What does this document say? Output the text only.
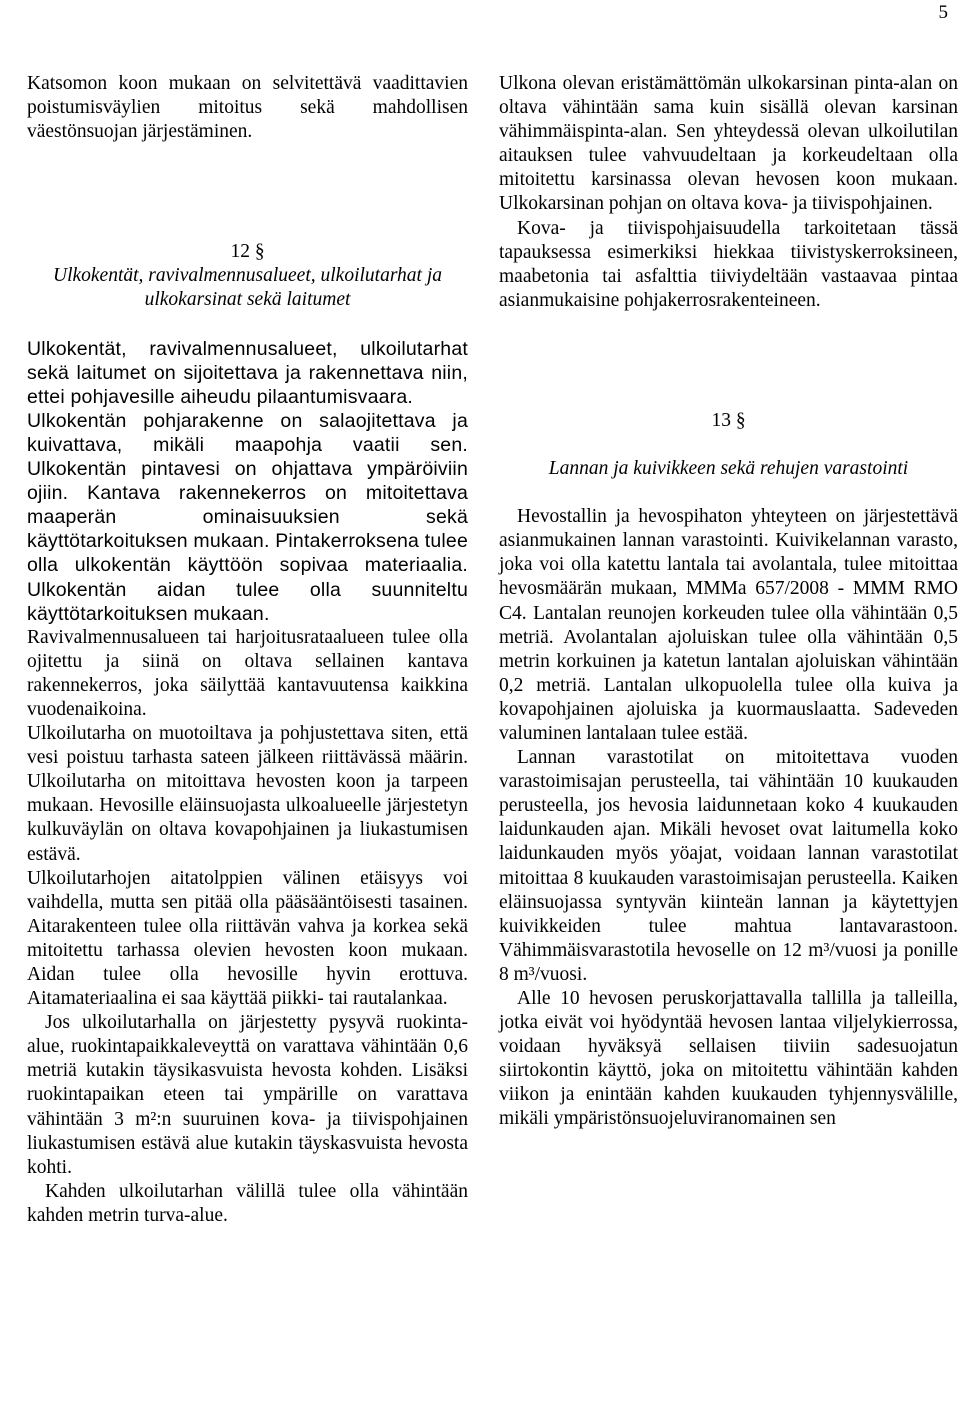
5

Katsomon koon mukaan on selvitettävä vaadittavien poistumisväylien mitoitus sekä mahdollisen väestönsuojan järjestäminen.

12 §

Ulkokentät, ravivalmennusalueet, ulkoilutarhat ja ulkokarsinat sekä laitumet

Ulkokentät, ravivalmennusalueet, ulkoilutarhat sekä laitumet on sijoitettava ja rakennettava niin, ettei pohjavesille aiheudu pilaantumisvaara.

Ulkokentän pohjarakenne on salaojitettava ja kuivattava, mikäli maapohja vaatii sen. Ulkokentän pintavesi on ohjattava ympäröiviin ojiin. Kantava rakennekerros on mitoitettava maaperän ominaisuuksien sekä käyttötarkoituksen mukaan. Pintakerroksena tulee olla ulkokentän käyttöön sopivaa materiaalia. Ulkokentän aidan tulee olla suunniteltu käyttötarkoituksen mukaan.

Ravivalmennusalueen tai harjoitusrataalueen tulee olla ojitettu ja siinä on oltava sellainen kantava rakennekerros, joka säilyttää kantavuutensa kaikkina vuodenaikoina.

Ulkoilutarha on muotoiltava ja pohjustettava siten, että vesi poistuu tarhasta sateen jälkeen riittävässä määrin. Ulkoilutarha on mitoittava hevosten koon ja tarpeen mukaan. Hevosille eläinsuojasta ulkoalueelle järjestetyn kulkuväylän on oltava kovapohjainen ja liukastumisen estävä.

Ulkoilutarhojen aitatolppien välinen etäisyys voi vaihdella, mutta sen pitää olla pääsääntöisesti tasainen. Aitarakenteen tulee olla riittävän vahva ja korkea sekä mitoitettu tarhassa olevien hevosten koon mukaan. Aidan tulee olla hevosille hyvin erottuva. Aitamateriaalina ei saa käyttää piikki- tai rautalankaa.

Jos ulkoilutarhalla on järjestetty pysyvä ruokinta-alue, ruokintapaikkaleveyttä on varattava vähintään 0,6 metriä kutakin täysikasvuista hevosta kohden. Lisäksi ruokintapaikan eteen tai ympärille on varattava vähintään 3 m²:n suuruinen kova- ja tiivispohjainen liukastumisen estävä alue kutakin täyskasvuista hevosta kohti.

Kahden ulkoilutarhan välillä tulee olla vähintään kahden metrin turva-alue.

Ulkona olevan eristämättömän ulkokarsinan pinta-alan on oltava vähintään sama kuin sisällä olevan karsinan vähimmäispinta-alan. Sen yhteydessä olevan ulkoilutilan aitauksen tulee vahvuudeltaan ja korkeudeltaan olla mitoitettu karsinassa olevan hevosen koon mukaan. Ulkokarsinan pohjan on oltava kova- ja tiivispohjainen.

Kova- ja tiivispohjaisuudella tarkoitetaan tässä tapauksessa esimerkiksi hiekkaa tiivistyskerroksineen, maabetonia tai asfalttia tiiviydeltään vastaavaa pintaa asianmukaisine pohjakerrosrakenteineen.

13 §

Lannan ja kuivikkeen sekä rehujen varastointi

Hevostallin ja hevospihaton yhteyteen on järjestettävä asianmukainen lannan varastointi. Kuivikelannan varasto, joka voi olla katettu lantala tai avolantala, tulee mitoittaa hevosmäärän mukaan, MMMa 657/2008 - MMM RMO C4. Lantalan reunojen korkeuden tulee olla vähintään 0,5 metriä. Avolantalan ajoluiskan tulee olla vähintään 0,5 metrin korkuinen ja katetun lantalan ajoluiskan vähintään 0,2 metriä. Lantalan ulkopuolella tulee olla kuiva ja kovapohjainen ajoluiska ja kuormauslaatta. Sadeveden valuminen lantalaan tulee estää.

Lannan varastotilat on mitoitettava vuoden varastoimisajan perusteella, tai vähintään 10 kuukauden perusteella, jos hevosia laidunnetaan koko 4 kuukauden laidunkauden ajan. Mikäli hevoset ovat laitumella koko laidunkauden myös yöajat, voidaan lannan varastotilat mitoittaa 8 kuukauden varastoimisajan perusteella. Kaiken eläinsuojassa syntyvän kiinteän lannan ja käytettyjen kuivikkeiden tulee mahtua lantavarastoon. Vähimmäisvarastotila hevoselle on 12 m³/vuosi ja ponille 8 m³/vuosi.

Alle 10 hevosen peruskorjattavalla tallilla ja talleilla, jotka eivät voi hyödyntää hevosen lantaa viljelykierrossa, voidaan hyväksyä sellaisen tiiviin sadesuojatun siirtokontin käyttö, joka on mitoitettu vähintään kahden viikon ja enintään kahden kuukauden tyhjennysvälille, mikäli ympäristönsuojeluviranomainen sen
